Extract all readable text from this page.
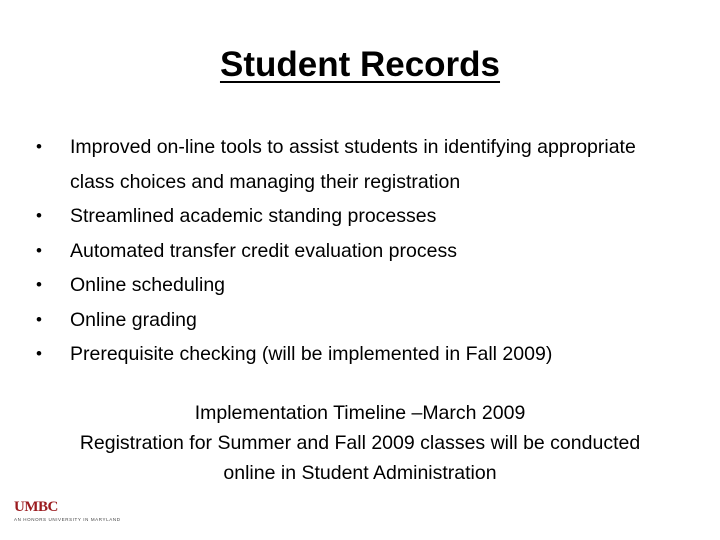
Student Records
•	Improved on-line tools to assist students in identifying appropriate class choices and managing their registration
•	Streamlined academic standing processes
•	Automated transfer credit evaluation process
•	Online scheduling
•	Online grading
•	Prerequisite checking (will be implemented in Fall 2009)
Implementation Timeline –March 2009
Registration for Summer and Fall 2009 classes will be conducted
online in Student Administration
UMBC
AN HONORS UNIVERSITY IN MARYLAND
